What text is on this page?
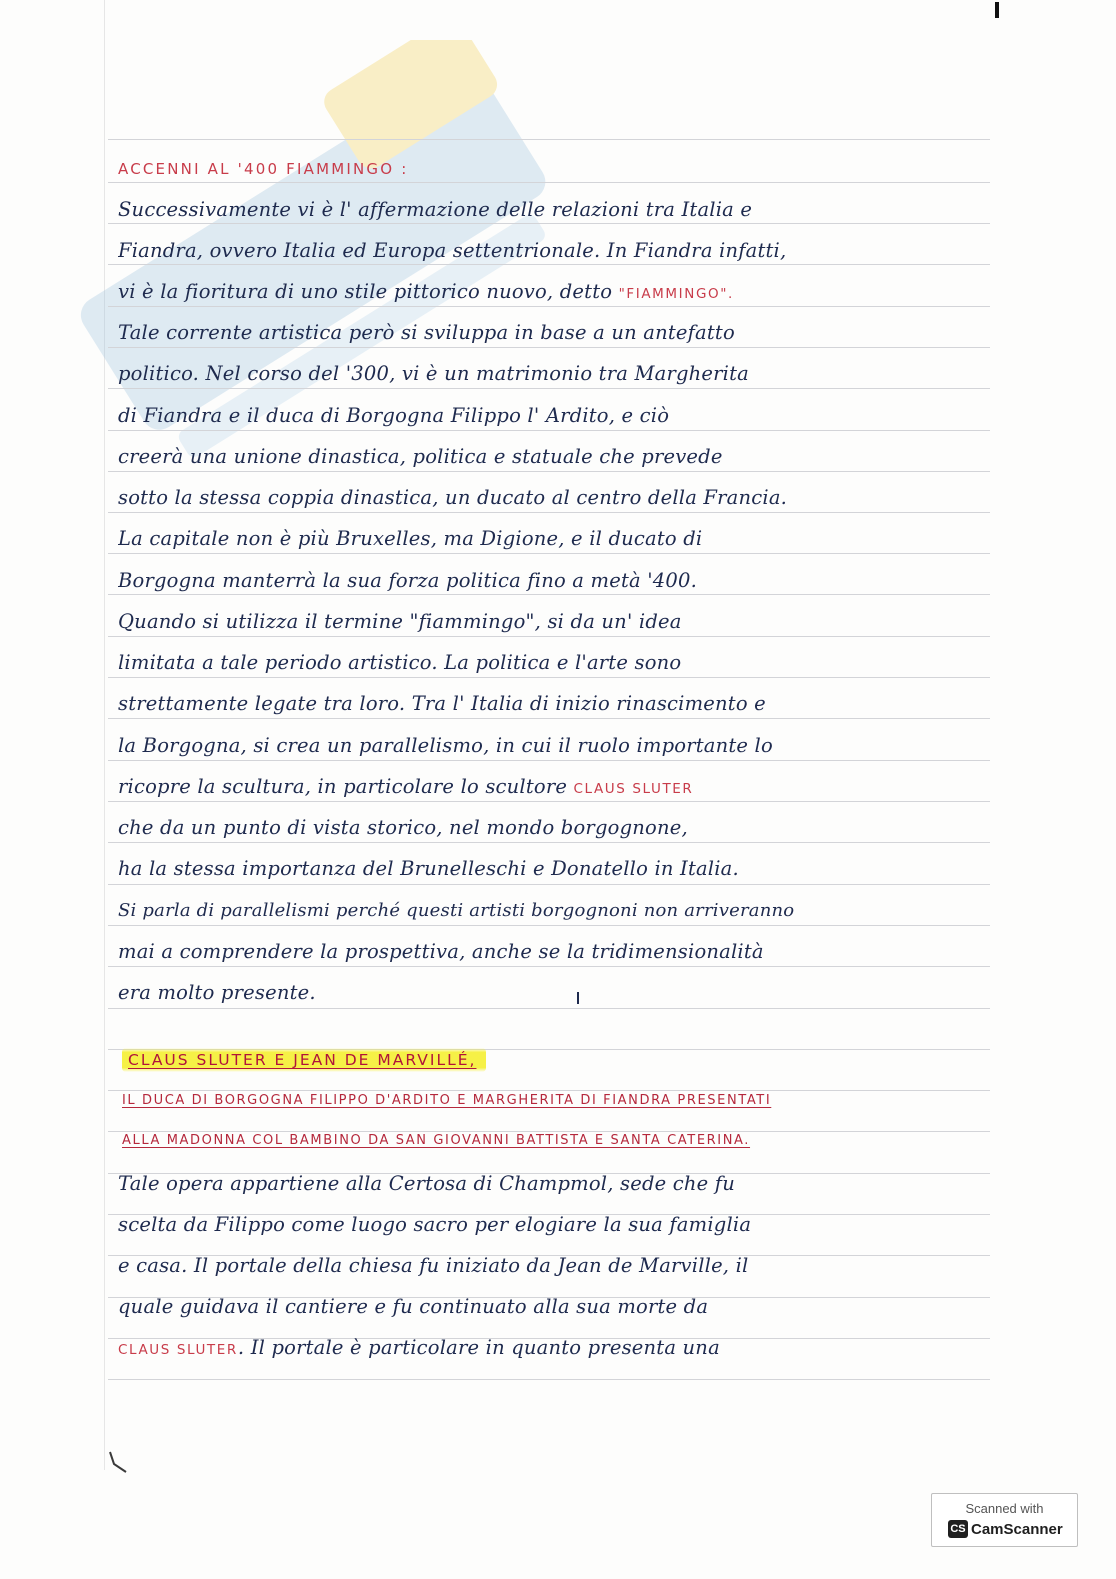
ACCENNI AL '400 FIAMMINGO :
Successivamente vi è l' affermazione delle relazioni tra Italia e
Fiandra, ovvero Italia ed Europa settentrionale. In Fiandra infatti,
vi è la fioritura di uno stile pittorico nuovo, detto "FIAMMINGO".
Tale corrente artistica però si sviluppa in base a un antefatto
politico. Nel corso del '300, vi è un matrimonio tra Margherita
di Fiandra e il duca di Borgogna Filippo l' Ardito, e ciò
creerà una unione dinastica, politica e statuale che prevede
sotto la stessa coppia dinastica, un ducato al centro della Francia.
La capitale non è più Bruxelles, ma Digione, e il ducato di
Borgogna manterrà la sua forza politica fino a metà '400.
Quando si utilizza il termine "fiammingo", si da un' idea
limitata a tale periodo artistico. La politica e l'arte sono
strettamente legate tra loro. Tra l' Italia di inizio rinascimento e
la Borgogna, si crea un parallelismo, in cui il ruolo importante lo
ricopre la scultura, in particolare lo scultore CLAUS SLUTER
che da un punto di vista storico, nel mondo borgognone,
ha la stessa importanza del Brunelleschi e Donatello in Italia.
Si parla di parallelismi perché questi artisti borgognoni non arriveranno
mai a comprendere la prospettiva, anche se la tridimensionalità
era molto presente.
CLAUS SLUTER E JEAN DE MARVILLÉ,
IL DUCA DI BORGOGNA FILIPPO D'ARDITO E MARGHERITA DI FIANDRA PRESENTATI
ALLA MADONNA COL BAMBINO DA SAN GIOVANNI BATTISTA E SANTA CATERINA.
Tale opera appartiene alla Certosa di Champmol, sede che fu
scelta da Filippo come luogo sacro per elogiare la sua famiglia
e casa. Il portale della chiesa fu iniziato da Jean de Marville, il
quale guidava il cantiere e fu continuato alla sua morte da
CLAUS SLUTER. Il portale è particolare in quanto presenta una
Scanned with
CS CamScanner
